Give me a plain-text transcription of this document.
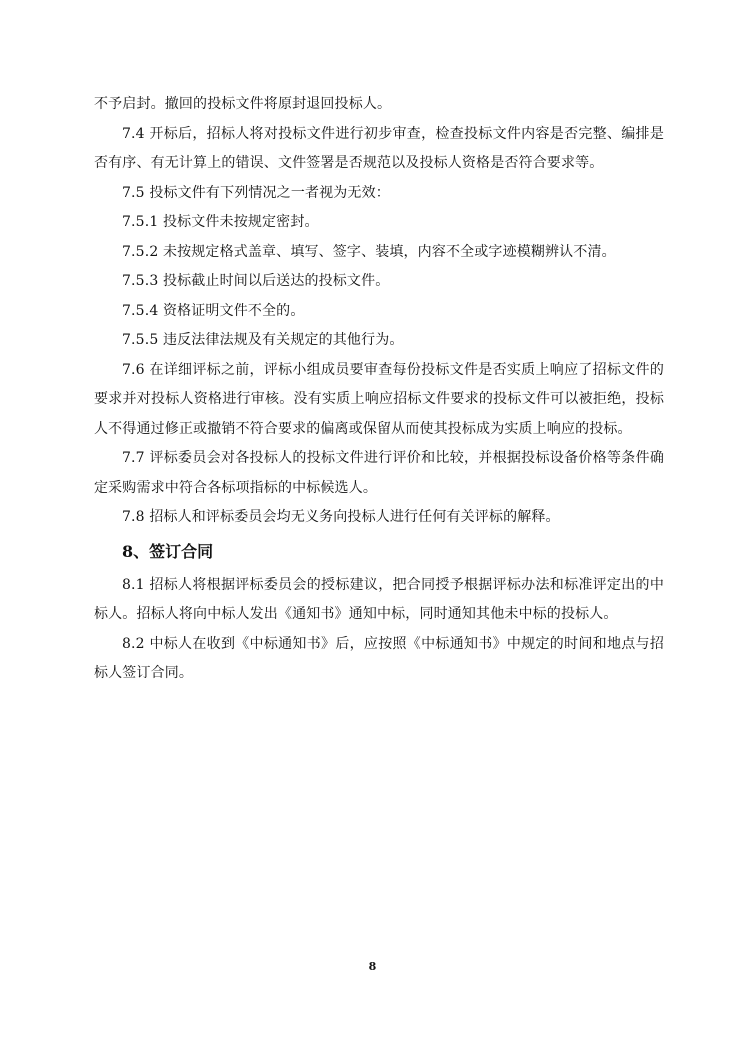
不予启封。撤回的投标文件将原封退回投标人。

7.4 开标后，招标人将对投标文件进行初步审查，检查投标文件内容是否完整、编排是否有序、有无计算上的错误、文件签署是否规范以及投标人资格是否符合要求等。

7.5 投标文件有下列情况之一者视为无效：

7.5.1 投标文件未按规定密封。

7.5.2 未按规定格式盖章、填写、签字、装填，内容不全或字迹模糊辨认不清。

7.5.3 投标截止时间以后送达的投标文件。

7.5.4 资格证明文件不全的。

7.5.5 违反法律法规及有关规定的其他行为。

7.6 在详细评标之前，评标小组成员要审查每份投标文件是否实质上响应了招标文件的要求并对投标人资格进行审核。没有实质上响应招标文件要求的投标文件可以被拒绝，投标人不得通过修正或撤销不符合要求的偏离或保留从而使其投标成为实质上响应的投标。

7.7 评标委员会对各投标人的投标文件进行评价和比较，并根据投标设备价格等条件确定采购需求中符合各标项指标的中标候选人。

7.8 招标人和评标委员会均无义务向投标人进行任何有关评标的解释。

8、签订合同

8.1 招标人将根据评标委员会的授标建议，把合同授予根据评标办法和标准评定出的中标人。招标人将向中标人发出《通知书》通知中标，同时通知其他未中标的投标人。

8.2 中标人在收到《中标通知书》后，应按照《中标通知书》中规定的时间和地点与招标人签订合同。

8
